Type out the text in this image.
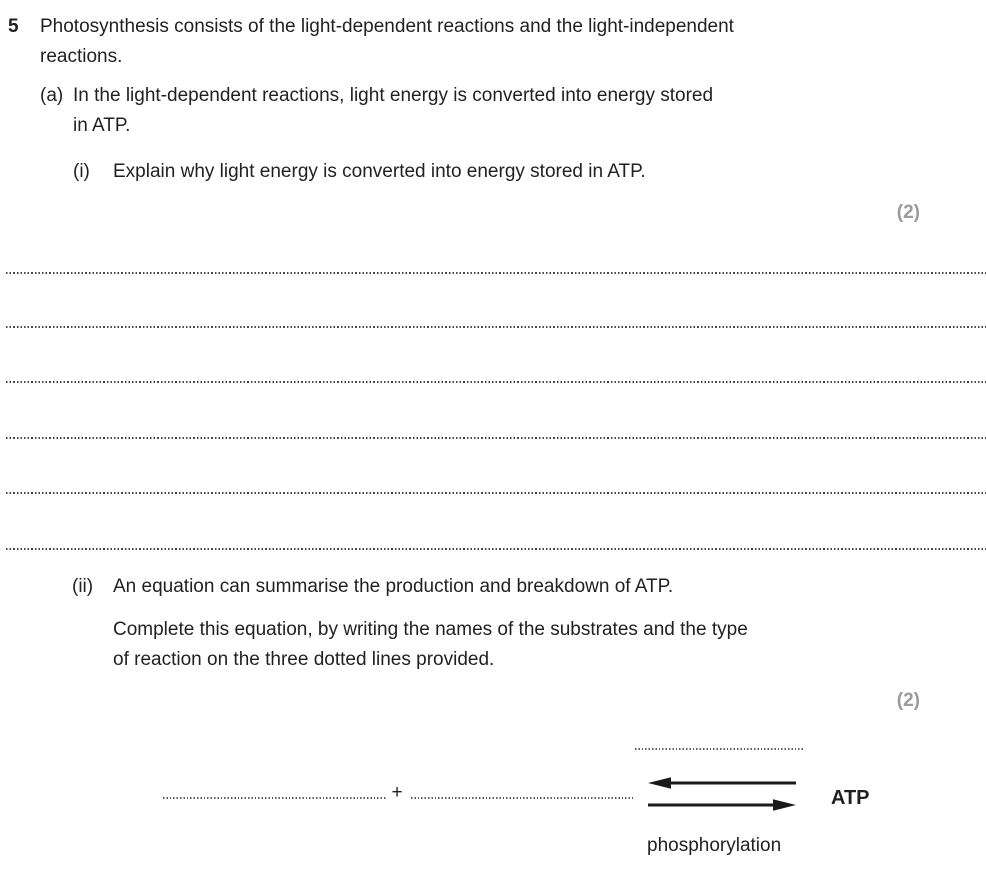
5 Photosynthesis consists of the light-dependent reactions and the light-independent
reactions.
(a) In the light-dependent reactions, light energy is converted into energy stored
in ATP.
(i) Explain why light energy is converted into energy stored in ATP.
(2)
(ii) An equation can summarise the production and breakdown of ATP.
Complete this equation, by writing the names of the substrates and the type
of reaction on the three dotted lines provided.
(2)
+	ATP
phosphorylation
